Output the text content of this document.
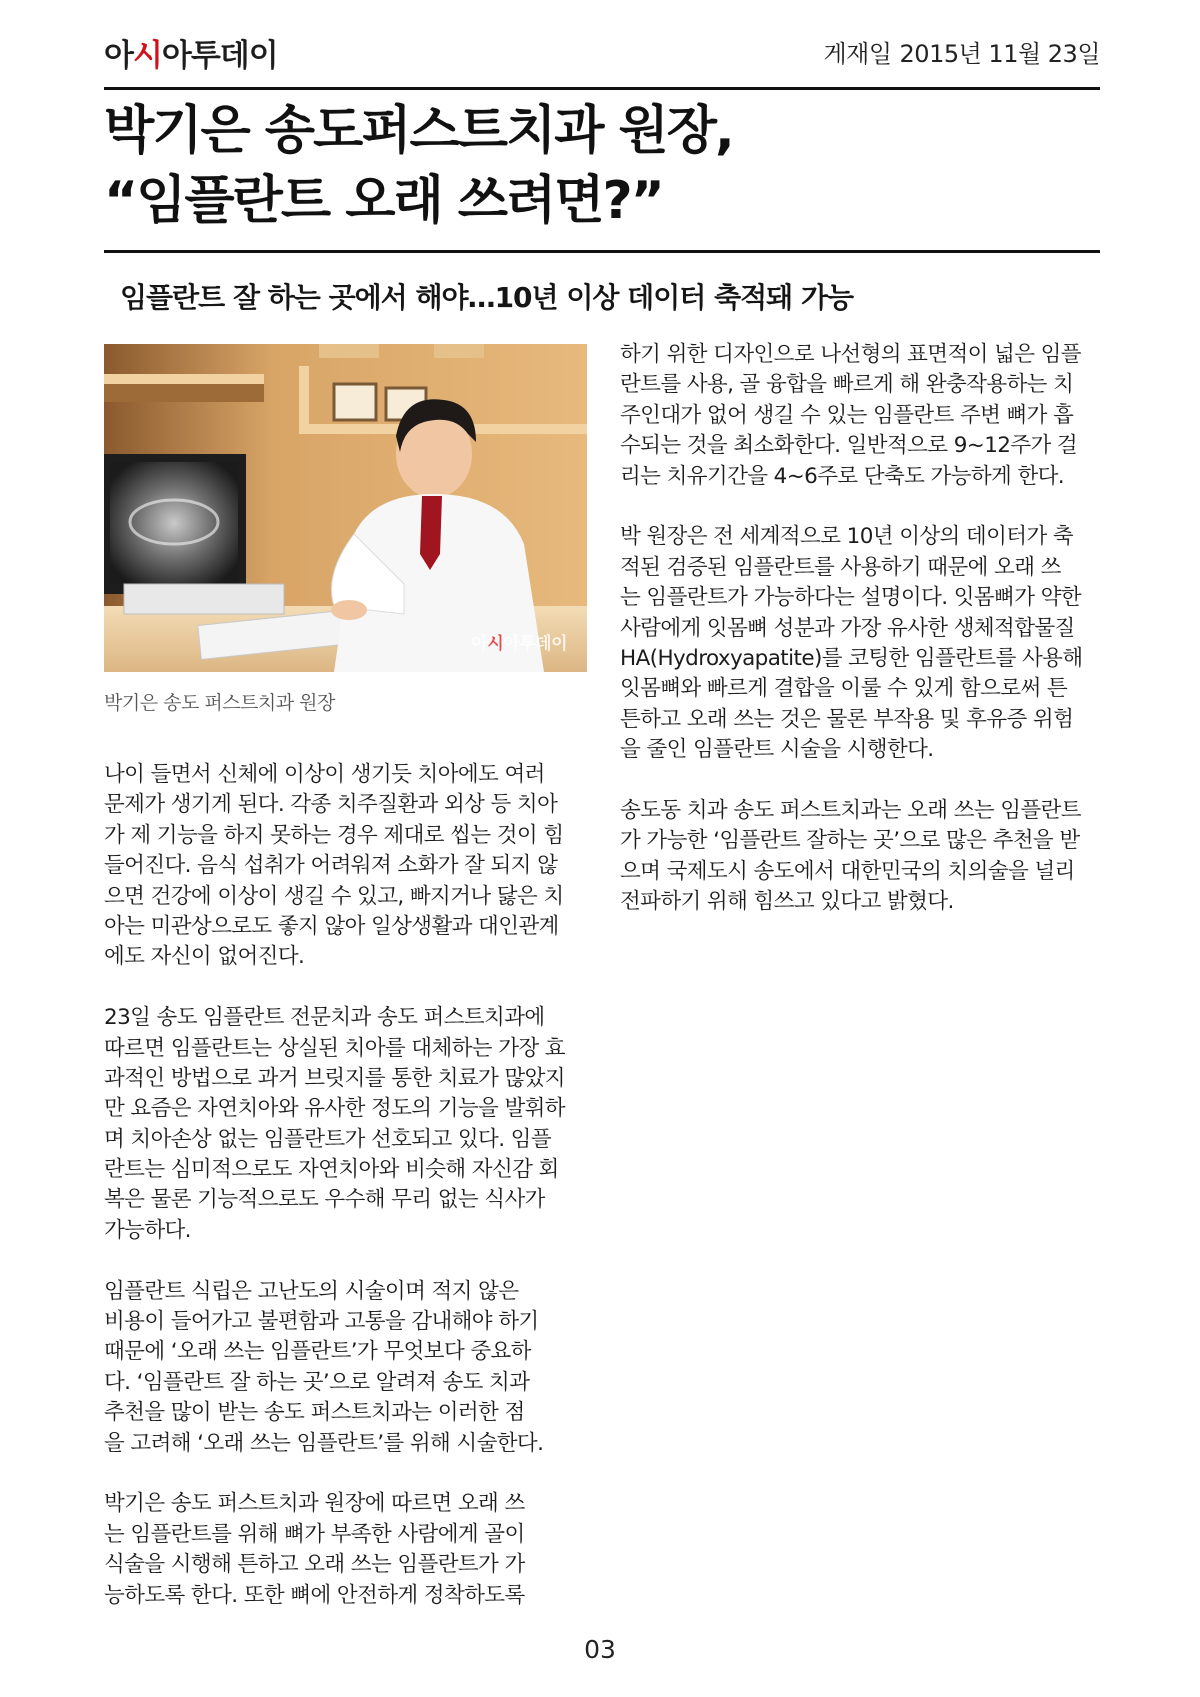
아시아투데이	게재일 2015년 11월 23일
박기은 송도퍼스트치과 원장,
“임플란트 오래 쓰려면?”
임플란트 잘 하는 곳에서 해야…10년 이상 데이터 축적돼 가능
아시아투데이
박기은 송도 퍼스트치과 원장
나이 들면서 신체에 이상이 생기듯 치아에도 여러
문제가 생기게 된다. 각종 치주질환과 외상 등 치아
가 제 기능을 하지 못하는 경우 제대로 씹는 것이 힘
들어진다. 음식 섭취가 어려워져 소화가 잘 되지 않
으면 건강에 이상이 생길 수 있고, 빠지거나 닳은 치
아는 미관상으로도 좋지 않아 일상생활과 대인관계
에도 자신이 없어진다.
23일 송도 임플란트 전문치과 송도 퍼스트치과에
따르면 임플란트는 상실된 치아를 대체하는 가장 효
과적인 방법으로 과거 브릿지를 통한 치료가 많았지
만 요즘은 자연치아와 유사한 정도의 기능을 발휘하
며 치아손상 없는 임플란트가 선호되고 있다. 임플
란트는 심미적으로도 자연치아와 비슷해 자신감 회
복은 물론 기능적으로도 우수해 무리 없는 식사가
가능하다.
임플란트 식립은 고난도의 시술이며 적지 않은
비용이 들어가고 불편함과 고통을 감내해야 하기
때문에 ‘오래 쓰는 임플란트’가 무엇보다 중요하
다. ‘임플란트 잘 하는 곳’으로 알려져 송도 치과
추천을 많이 받는 송도 퍼스트치과는 이러한 점
을 고려해 ‘오래 쓰는 임플란트’를 위해 시술한다.
박기은 송도 퍼스트치과 원장에 따르면 오래 쓰
는 임플란트를 위해 뼈가 부족한 사람에게 골이
식술을 시행해 튼하고 오래 쓰는 임플란트가 가
능하도록 한다. 또한 뼈에 안전하게 정착하도록
하기 위한 디자인으로 나선형의 표면적이 넓은 임플
란트를 사용, 골 융합을 빠르게 해 완충작용하는 치
주인대가 없어 생길 수 있는 임플란트 주변 뼈가 흡
수되는 것을 최소화한다. 일반적으로 9~12주가 걸
리는 치유기간을 4~6주로 단축도 가능하게 한다.
박 원장은 전 세계적으로 10년 이상의 데이터가 축
적된 검증된 임플란트를 사용하기 때문에 오래 쓰
는 임플란트가 가능하다는 설명이다. 잇몸뼈가 약한
사람에게 잇몸뼈 성분과 가장 유사한 생체적합물질
HA(Hydroxyapatite)를 코팅한 임플란트를 사용해
잇몸뼈와 빠르게 결합을 이룰 수 있게 함으로써 튼
튼하고 오래 쓰는 것은 물론 부작용 및 후유증 위험
을 줄인 임플란트 시술을 시행한다.
송도동 치과 송도 퍼스트치과는 오래 쓰는 임플란트
가 가능한 ‘임플란트 잘하는 곳’으로 많은 추천을 받
으며 국제도시 송도에서 대한민국의 치의술을 널리
전파하기 위해 힘쓰고 있다고 밝혔다.
03
